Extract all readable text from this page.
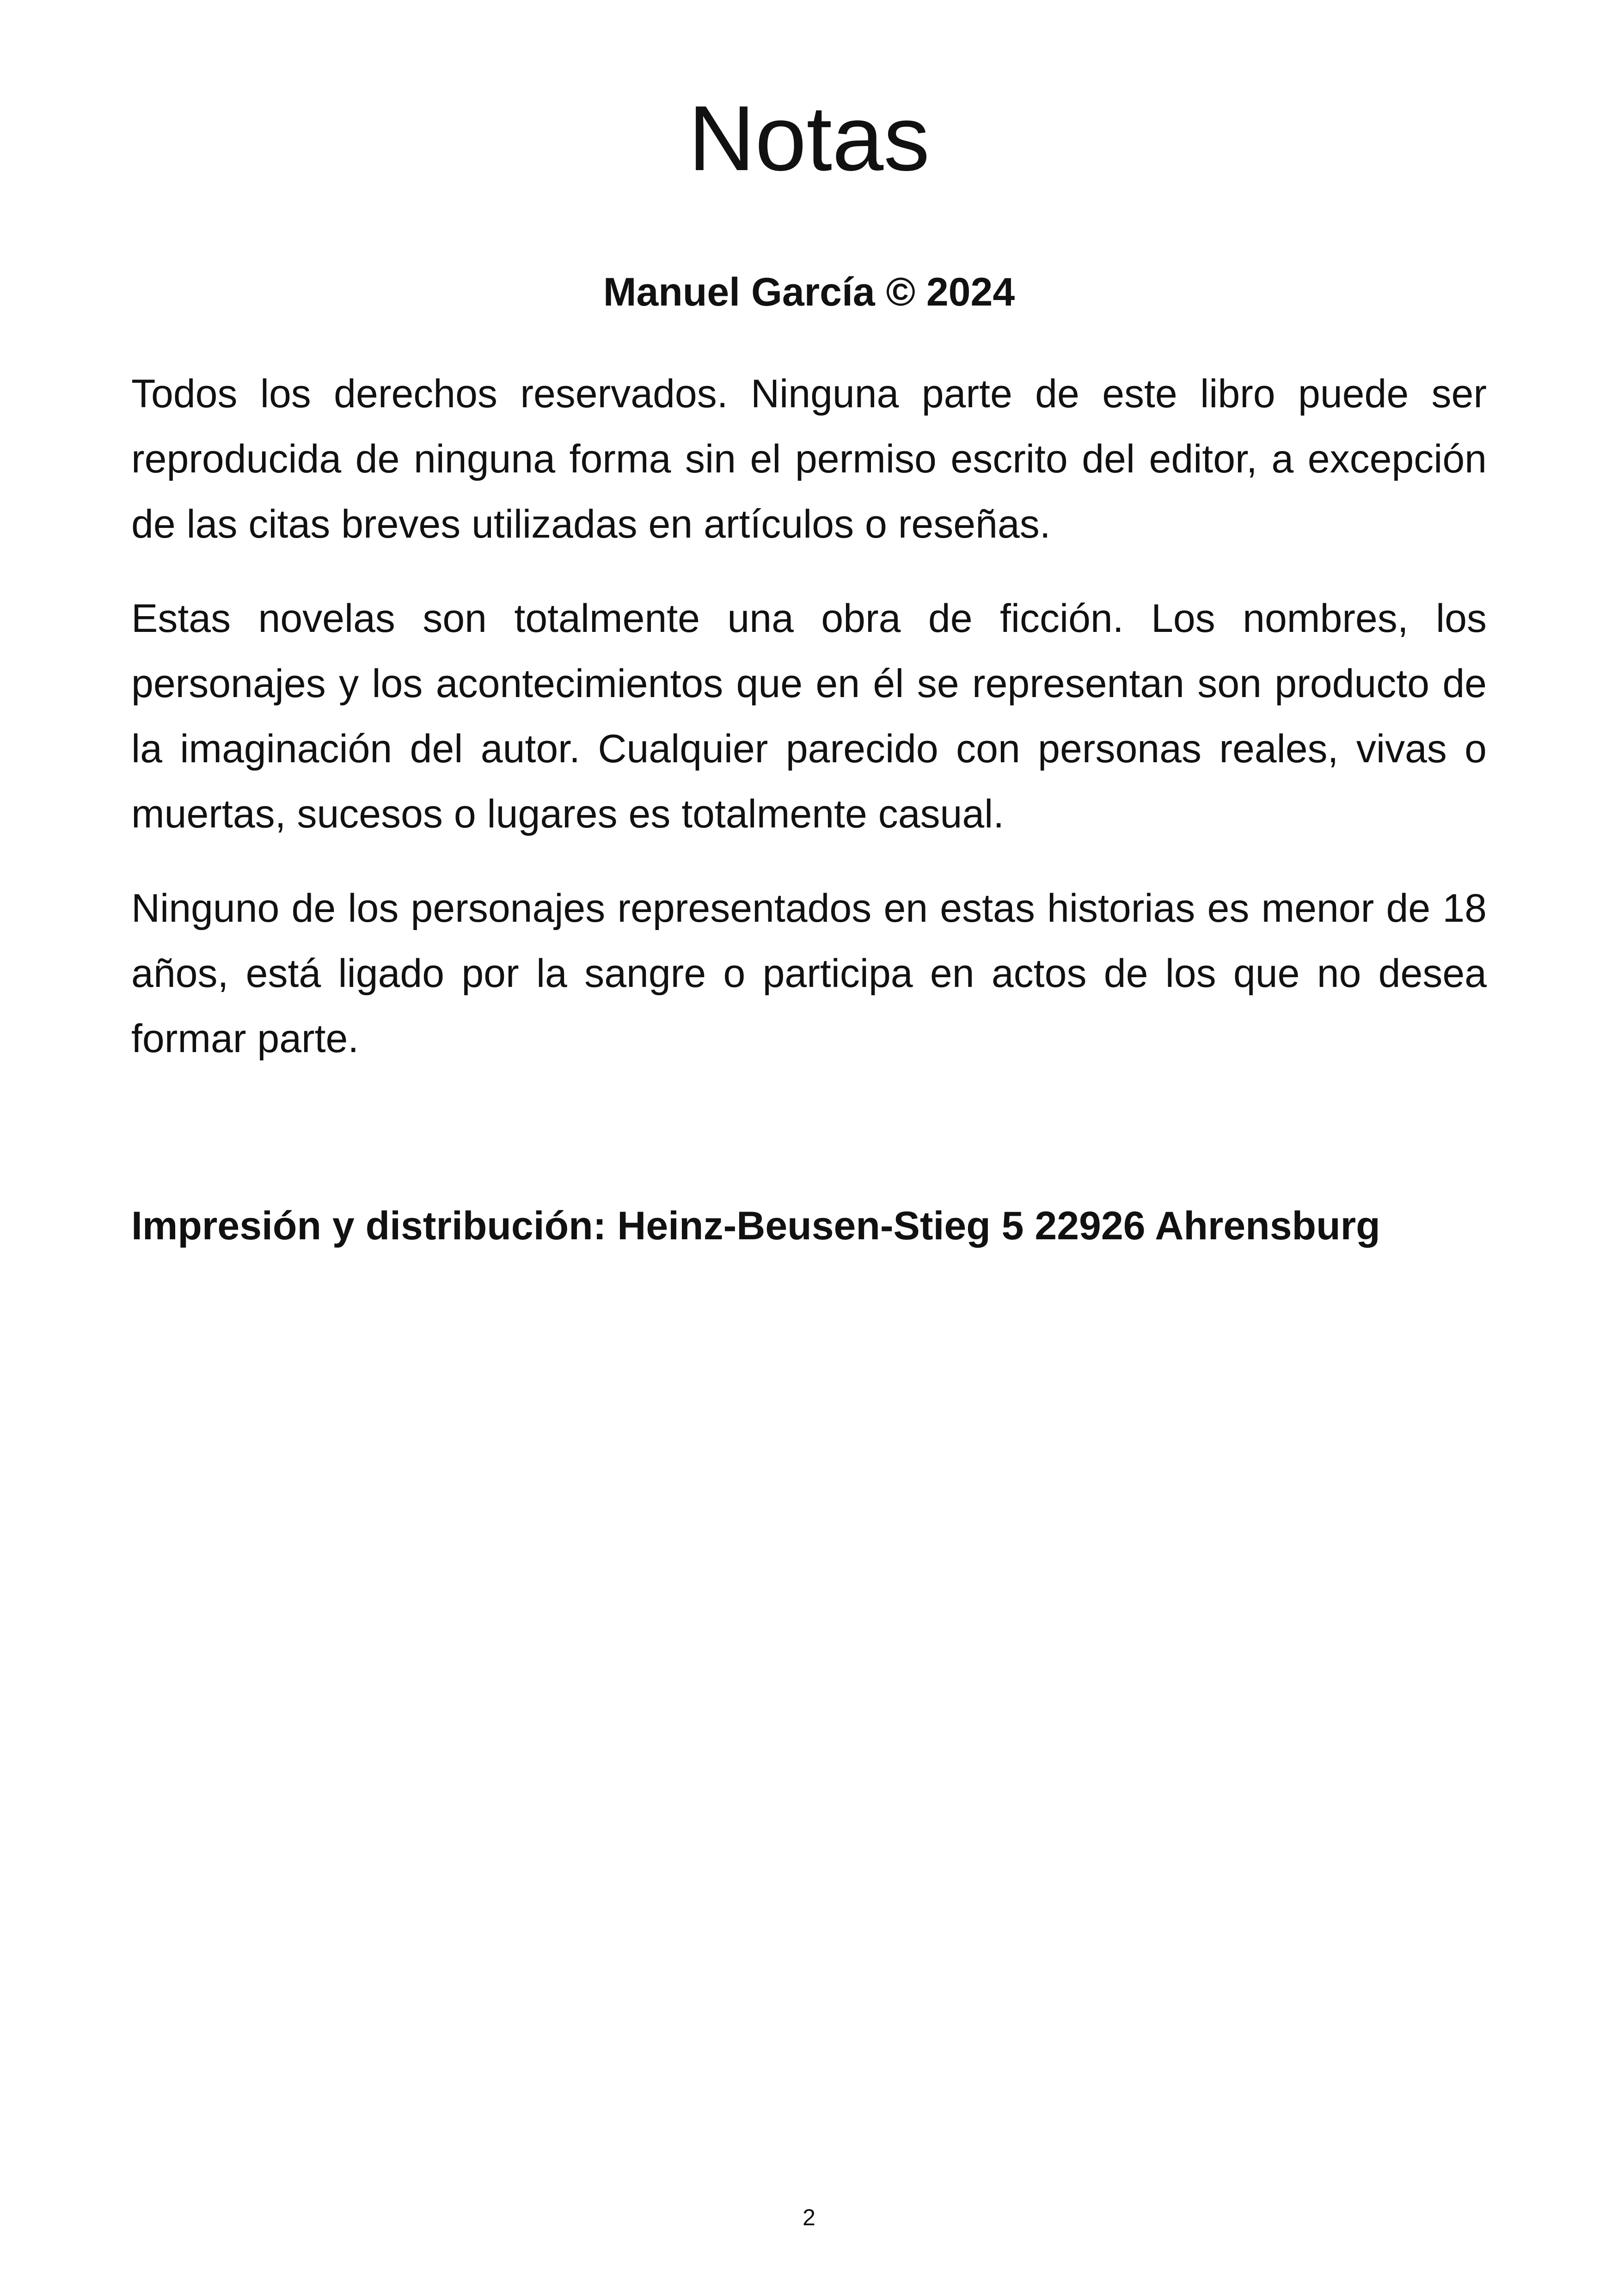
Notas

Manuel García © 2024

Todos los derechos reservados. Ninguna parte de este libro puede ser reproducida de ninguna forma sin el permiso escrito del editor, a excepción de las citas breves utilizadas en artículos o reseñas.

Estas novelas son totalmente una obra de ficción. Los nombres, los personajes y los acontecimientos que en él se representan son producto de la imaginación del autor. Cualquier parecido con personas reales, vivas o muertas, sucesos o lugares es totalmente casual.

Ninguno de los personajes representados en estas historias es menor de 18 años, está ligado por la sangre o participa en actos de los que no desea formar parte.

Impresión y distribución: Heinz-Beusen-Stieg 5 22926 Ahrensburg

2
